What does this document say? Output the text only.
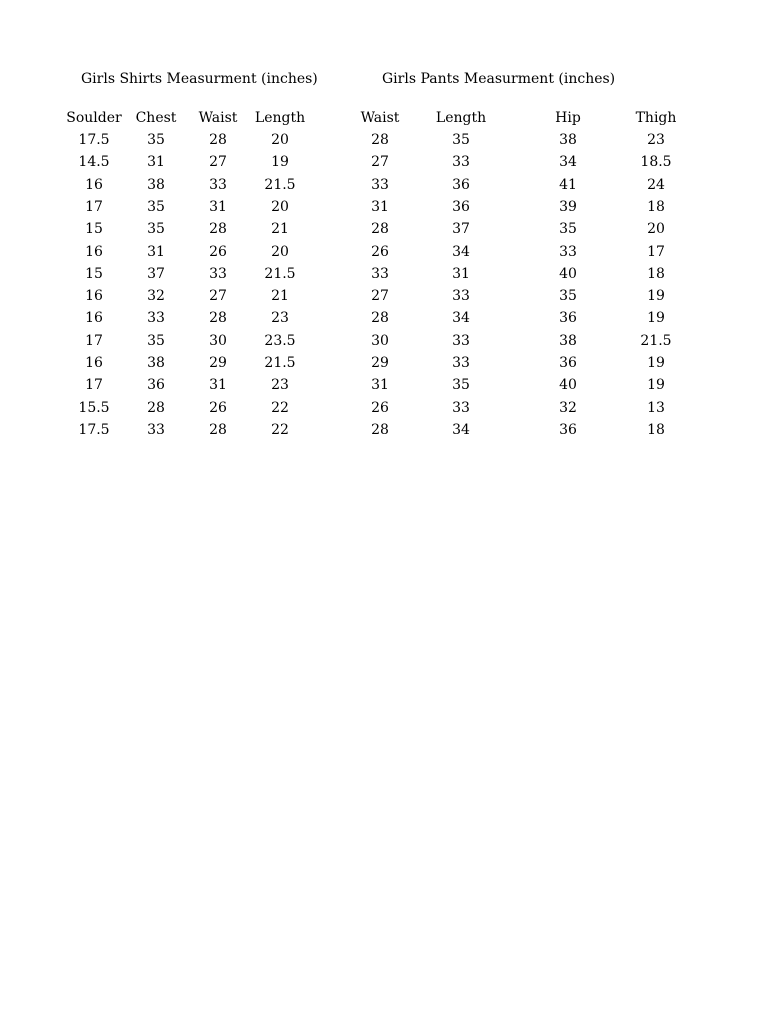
Girls Shirts Measurment (inches)	Girls Pants Measurment (inches)
Soulder Chest Waist Length
17.5	35	28	20
14.5	31	27	19
16	38	33	21.5
17	35	31	20
15	35	28	21
16	31	26	20
15	37	33	21.5
16	32	27	21
16	33	28	23
17	35	30	23.5
16	38	29	21.5
17	36	31	23
15.5	28	26	22
17.5	33	28	22
Waist	Length	Hip	Thigh
28	35	38	23
27	33	34	18.5
33	36	41	24
31	36	39	18
28	37	35	20
26	34	33	17
33	31	40	18
27	33	35	19
28	34	36	19
30	33	38	21.5
29	33	36	19
31	35	40	19
26	33	32	13
28	34	36	18
